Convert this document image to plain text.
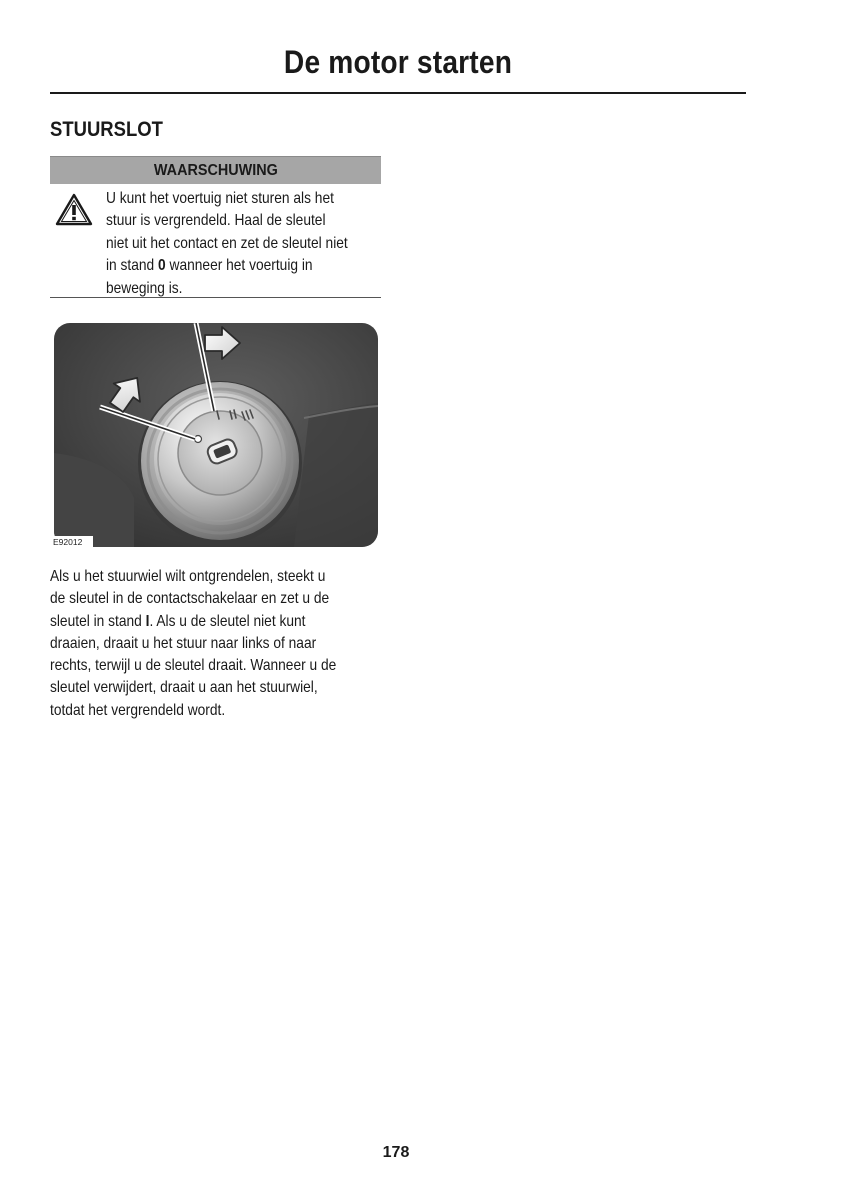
De motor starten
STUURSLOT
WAARSCHUWING
U kunt het voertuig niet sturen als het
stuur is vergrendeld. Haal de sleutel
niet uit het contact en zet de sleutel niet
in stand 0 wanneer het voertuig in
beweging is.
E92012
Als u het stuurwiel wilt ontgrendelen, steekt u
de sleutel in de contactschakelaar en zet u de
sleutel in stand I. Als u de sleutel niet kunt
draaien, draait u het stuur naar links of naar
rechts, terwijl u de sleutel draait. Wanneer u de
sleutel verwijdert, draait u aan het stuurwiel,
totdat het vergrendeld wordt.
178
